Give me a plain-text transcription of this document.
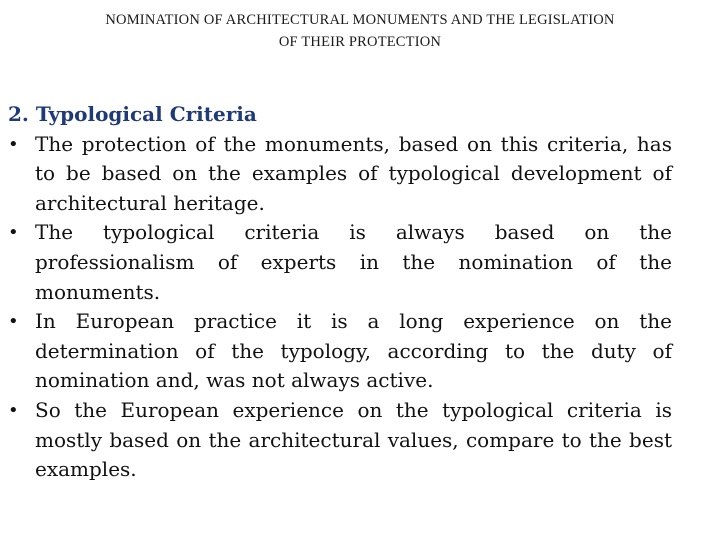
NOMINATION OF ARCHITECTURAL MONUMENTS AND THE LEGISLATION
OF THEIR PROTECTION
2. Typological Criteria
• The protection of the monuments, based on this criteria, has to be based on the examples of typological development of architectural heritage.
• The typological criteria is always based on the professionalism of experts in the nomination of the monuments.
• In European practice it is a long experience on the determination of the typology, according to the duty of nomination and, was not always active.
• So the European experience on the typological criteria is mostly based on the architectural values, compare to the best examples.
